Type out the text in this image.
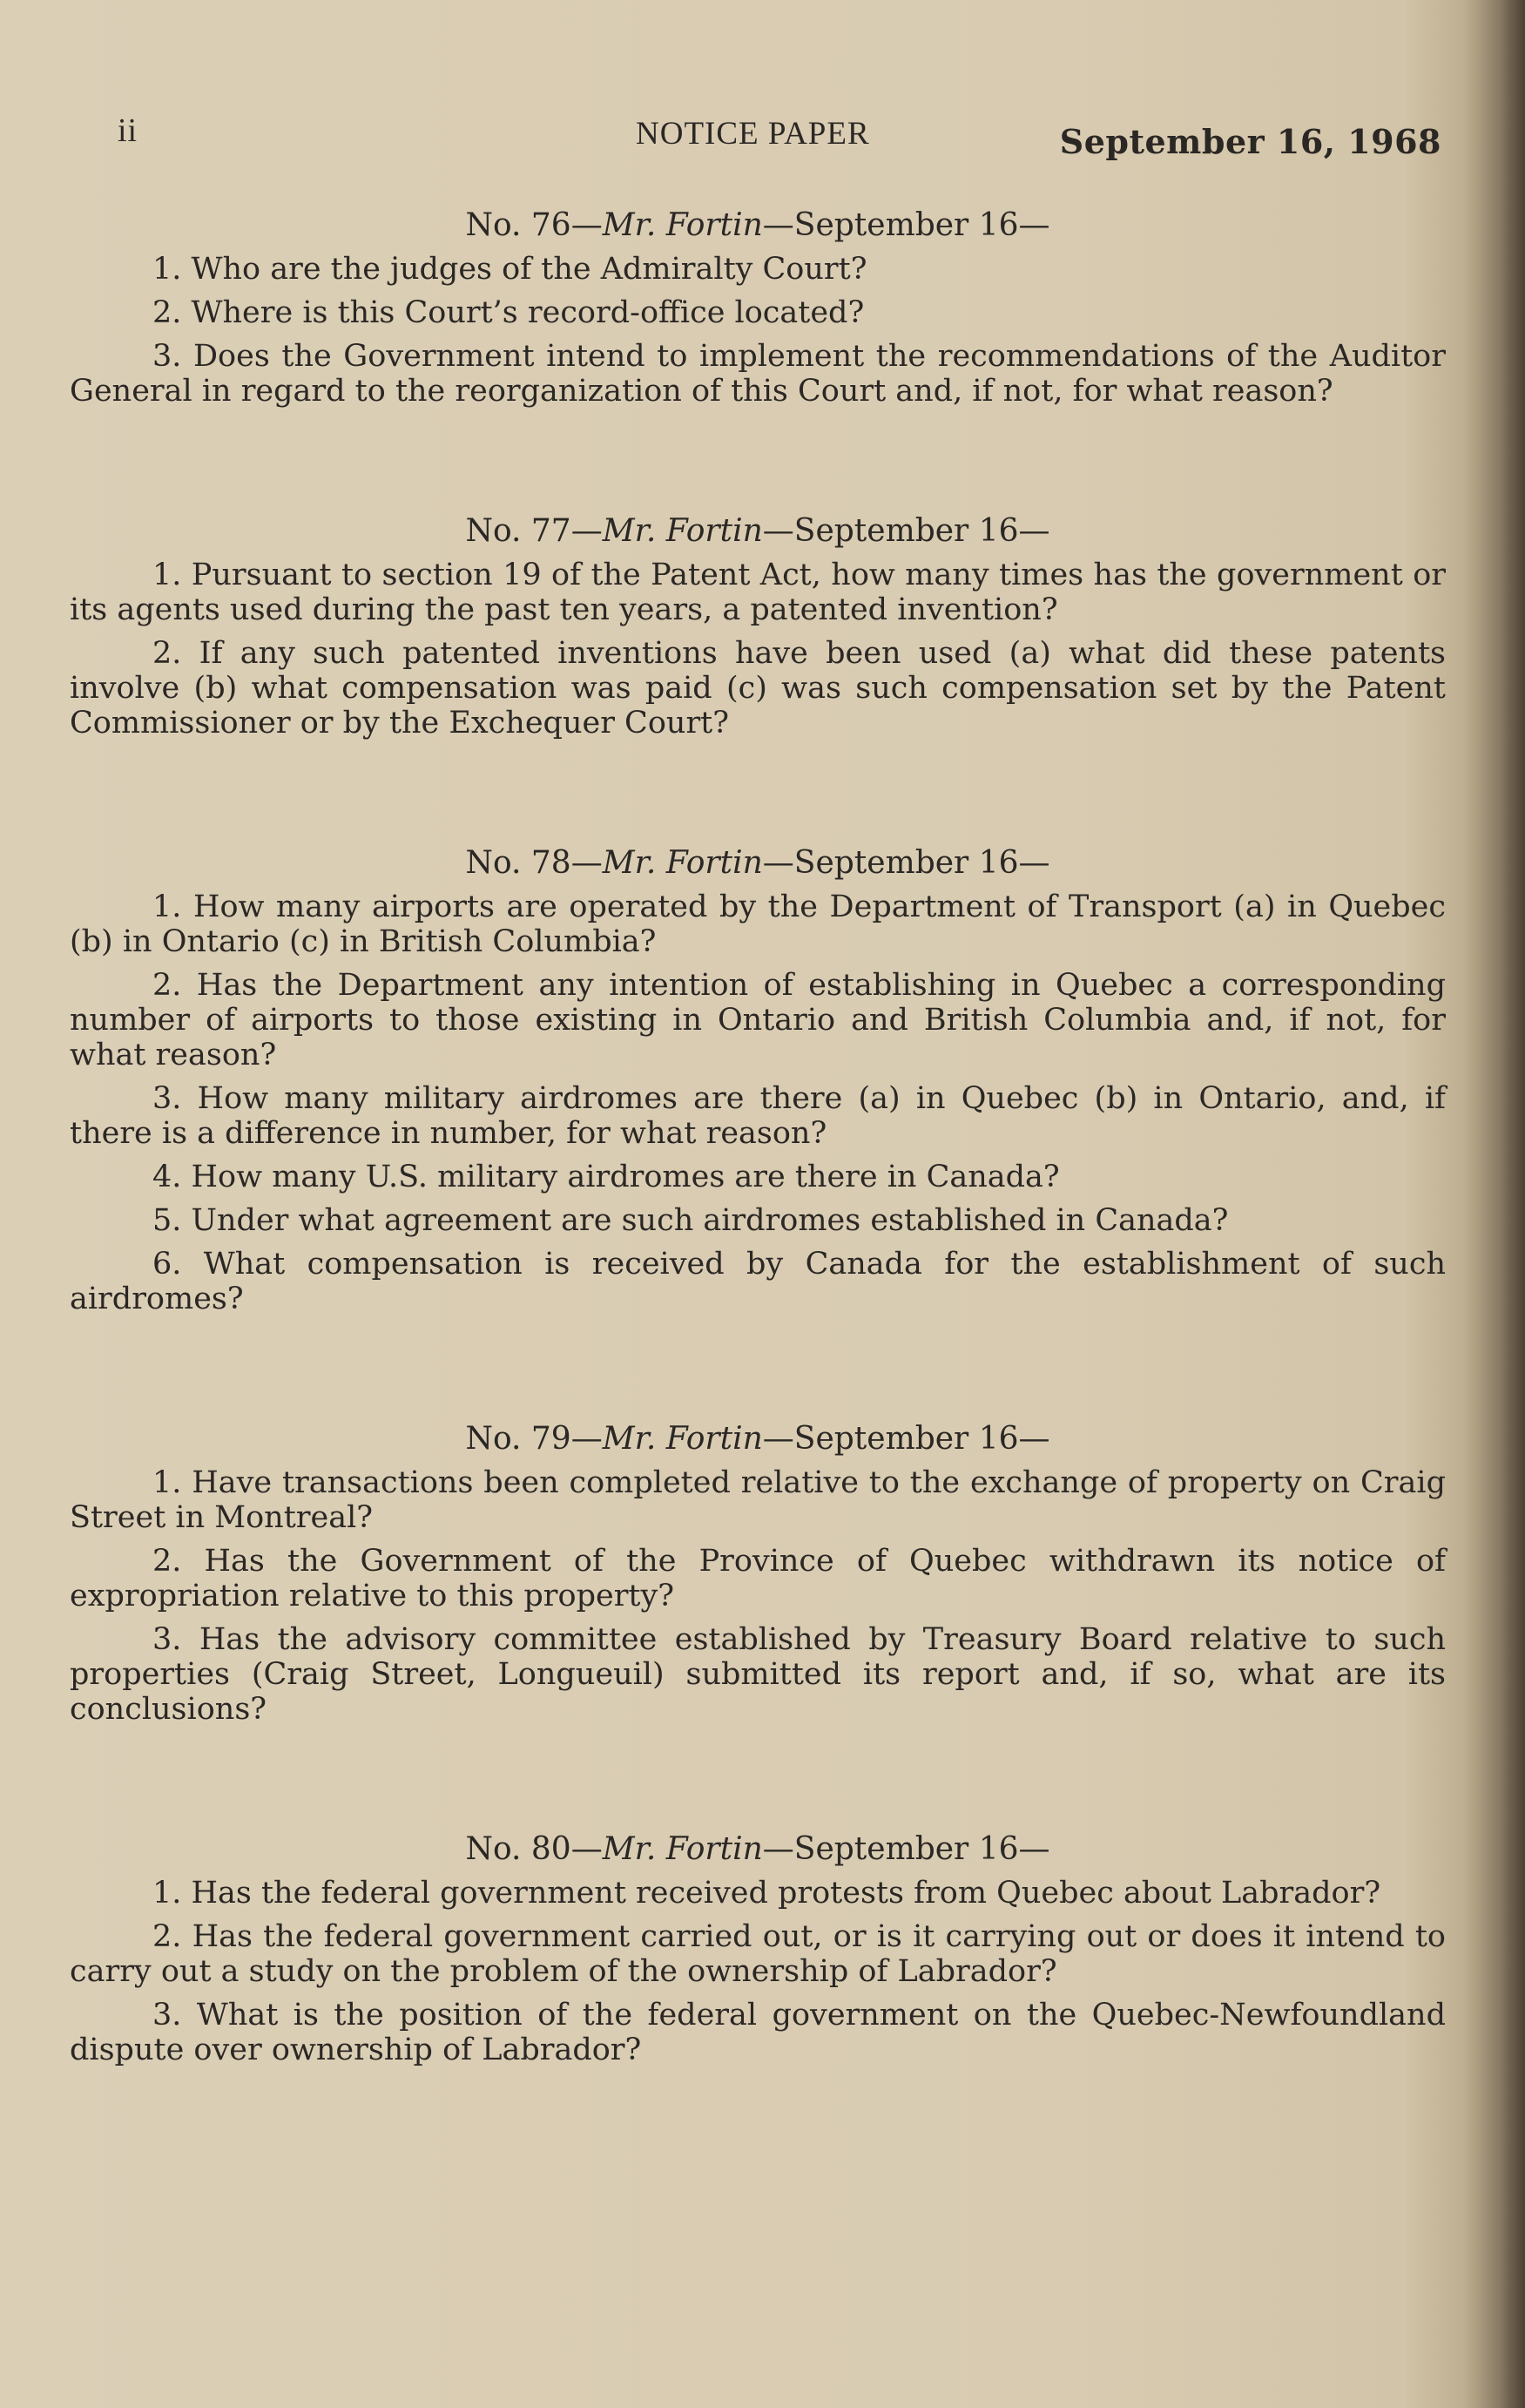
ii	NOTICE PAPER	September 16, 1968
No. 76—Mr. Fortin—September 16—

1. Who are the judges of the Admiralty Court?

2. Where is this Court’s record-office located?

3. Does the Government intend to implement the recommendations of the Auditor General in regard to the reorganization of this Court and, if not, for what reason?

No. 77—Mr. Fortin—September 16—

1. Pursuant to section 19 of the Patent Act, how many times has the government or its agents used during the past ten years, a patented invention?

2. If any such patented inventions have been used (a) what did these patents involve (b) what compensation was paid (c) was such compensation set by the Patent Commissioner or by the Exchequer Court?

No. 78—Mr. Fortin—September 16—

1. How many airports are operated by the Department of Transport (a) in Quebec (b) in Ontario (c) in British Columbia?

2. Has the Department any intention of establishing in Quebec a corresponding number of airports to those existing in Ontario and British Columbia and, if not, for what reason?

3. How many military airdromes are there (a) in Quebec (b) in Ontario, and, if there is a difference in number, for what reason?

4. How many U.S. military airdromes are there in Canada?

5. Under what agreement are such airdromes established in Canada?

6. What compensation is received by Canada for the establishment of such airdromes?

No. 79—Mr. Fortin—September 16—

1. Have transactions been completed relative to the exchange of property on Craig Street in Montreal?

2. Has the Government of the Province of Quebec withdrawn its notice of expropriation relative to this property?

3. Has the advisory committee established by Treasury Board relative to such properties (Craig Street, Longueuil) submitted its report and, if so, what are its conclusions?

No. 80—Mr. Fortin—September 16—

1. Has the federal government received protests from Quebec about Labrador?

2. Has the federal government carried out, or is it carrying out or does it intend to carry out a study on the problem of the ownership of Labrador?

3. What is the position of the federal government on the Quebec-Newfoundland dispute over ownership of Labrador?
